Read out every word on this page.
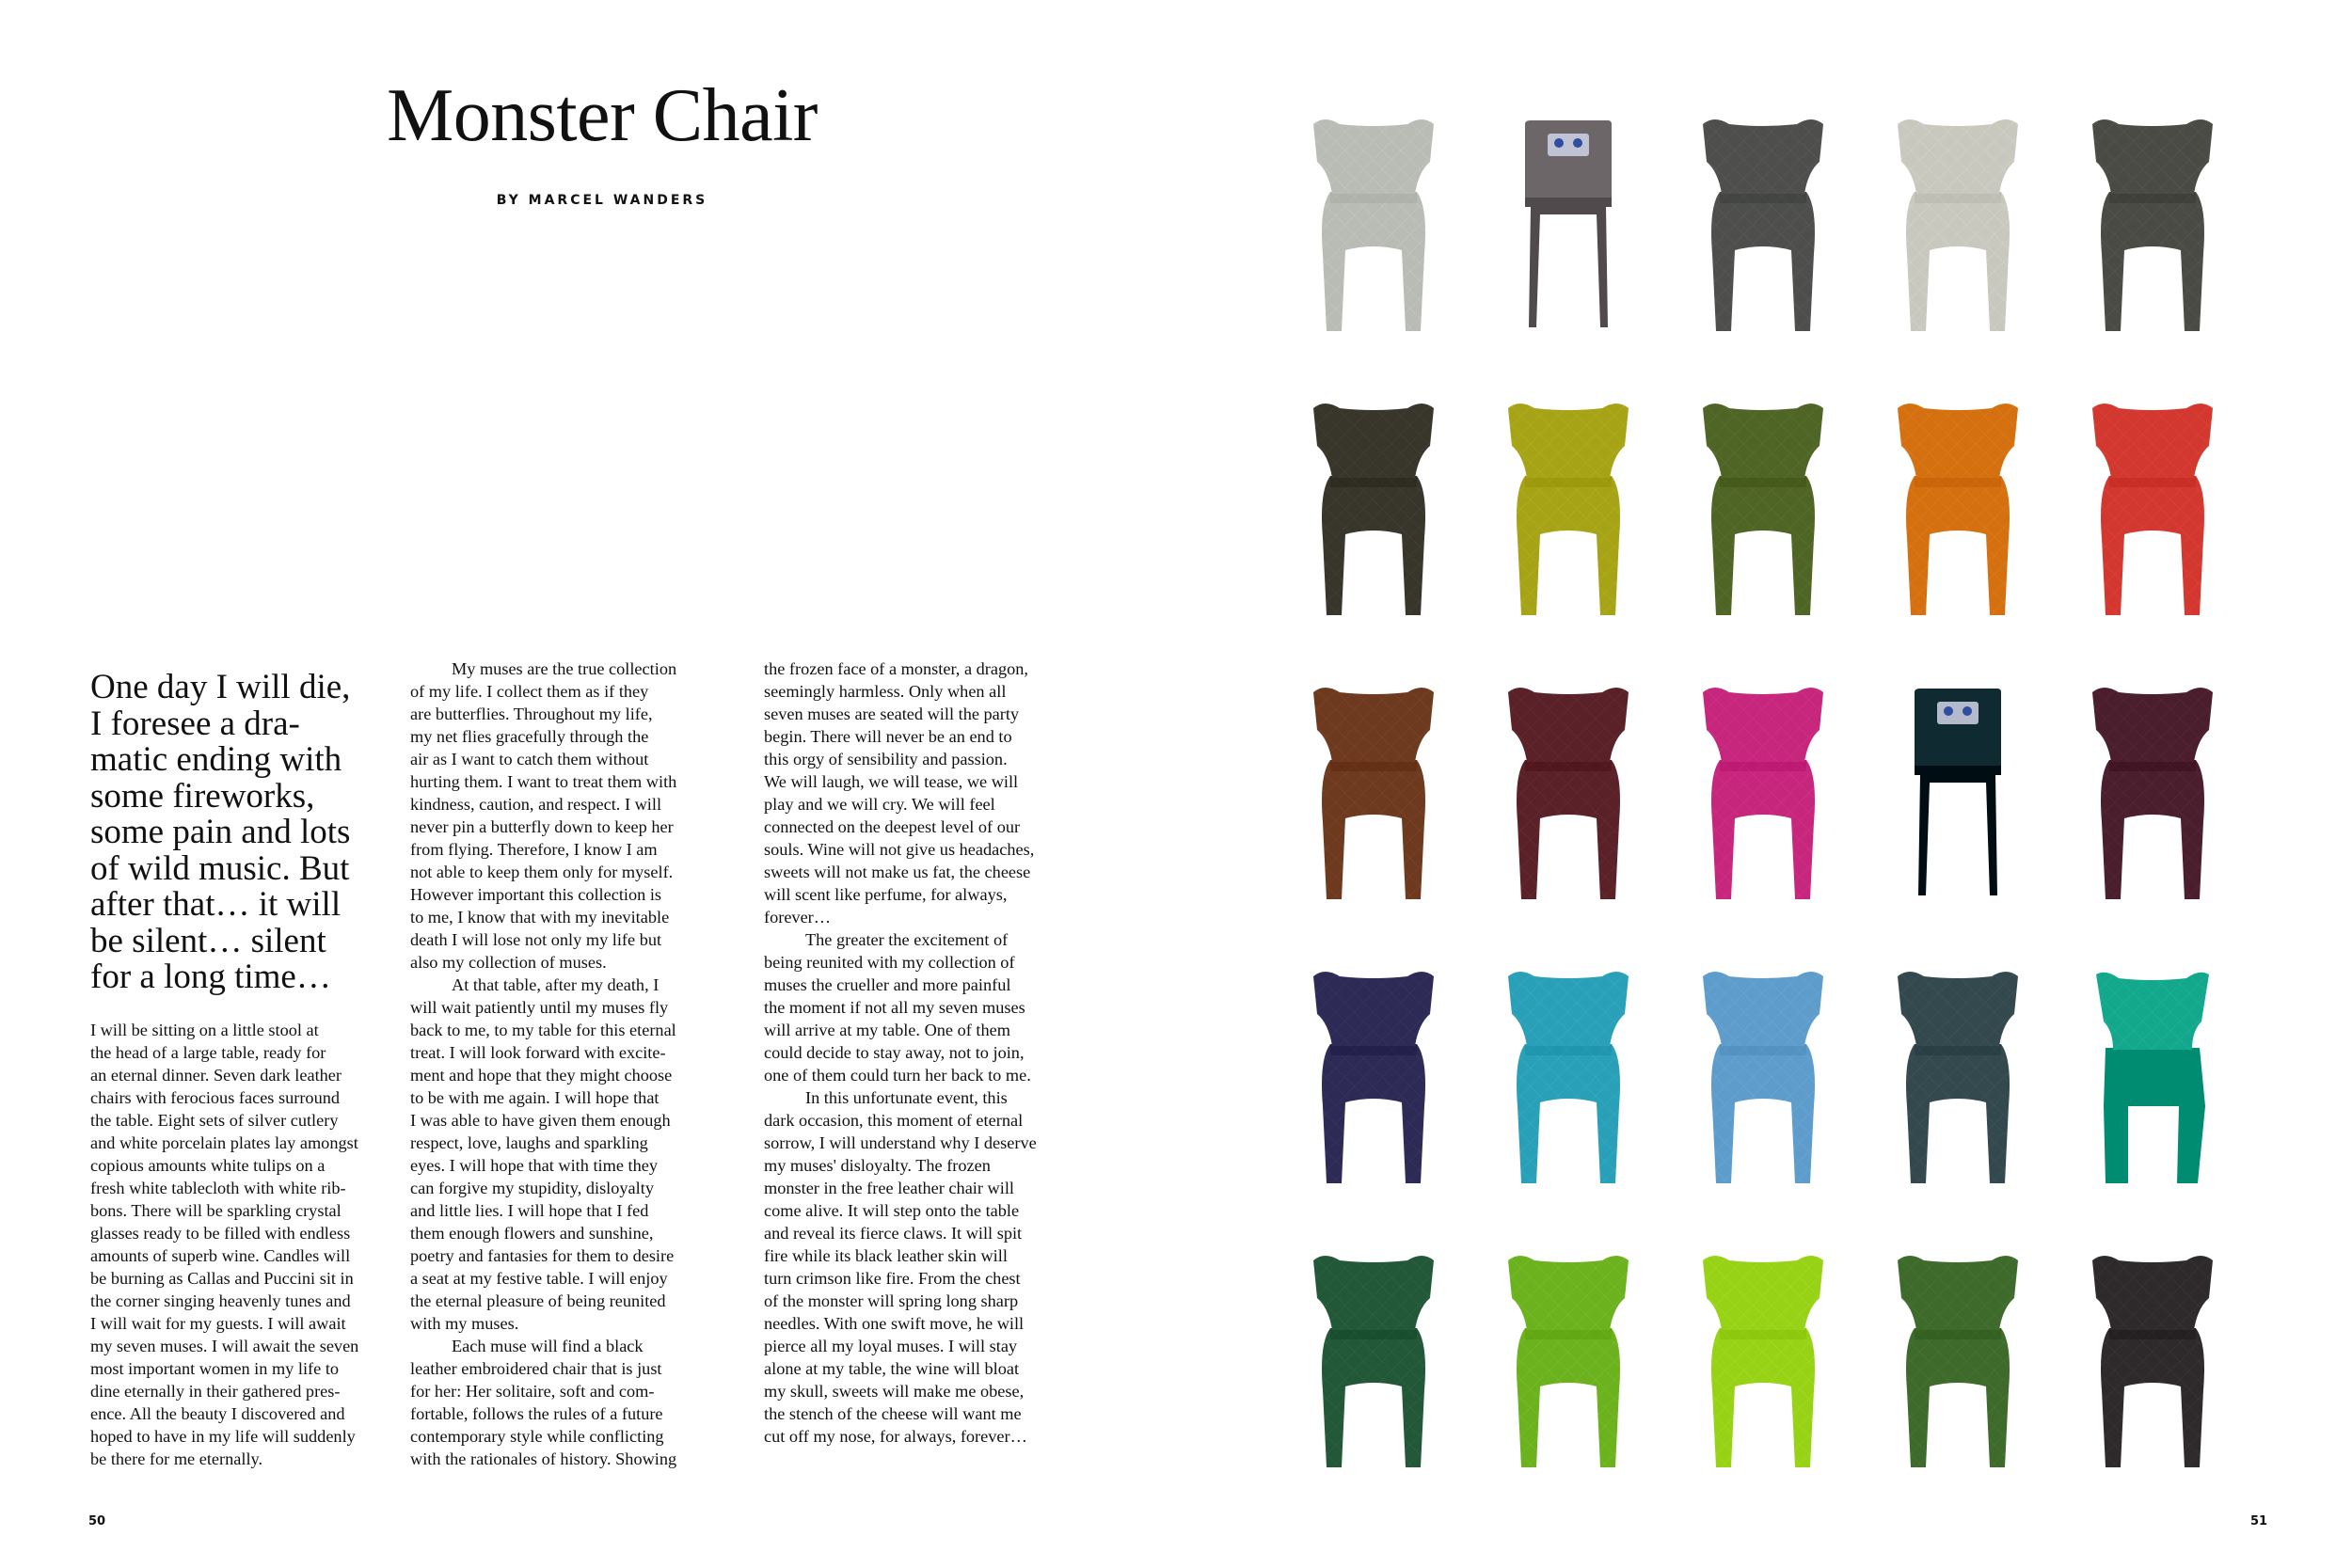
Monster Chair
BY MARCEL WANDERS
One day I will die,
I foresee a dra-
matic ending with
some fireworks,
some pain and lots
of wild music. But
after that… it will
be silent… silent
for a long time…
I will be sitting on a little stool at
the head of a large table, ready for
an eternal dinner. Seven dark leather
chairs with ferocious faces surround
the table. Eight sets of silver cutlery
and white porcelain plates lay amongst
copious amounts white tulips on a
fresh white tablecloth with white rib-
bons. There will be sparkling crystal
glasses ready to be filled with endless
amounts of superb wine. Candles will
be burning as Callas and Puccini sit in
the corner singing heavenly tunes and
I will wait for my guests. I will await
my seven muses. I will await the seven
most important women in my life to
dine eternally in their gathered pres-
ence. All the beauty I discovered and
hoped to have in my life will suddenly
be there for me eternally.
My muses are the true collection
of my life. I collect them as if they
are butterflies. Throughout my life,
my net flies gracefully through the
air as I want to catch them without
hurting them. I want to treat them with
kindness, caution, and respect. I will
never pin a butterfly down to keep her
from flying. Therefore, I know I am
not able to keep them only for myself.
However important this collection is
to me, I know that with my inevitable
death I will lose not only my life but
also my collection of muses.
At that table, after my death, I
will wait patiently until my muses fly
back to me, to my table for this eternal
treat. I will look forward with excite-
ment and hope that they might choose
to be with me again. I will hope that
I was able to have given them enough
respect, love, laughs and sparkling
eyes. I will hope that with time they
can forgive my stupidity, disloyalty
and little lies. I will hope that I fed
them enough flowers and sunshine,
poetry and fantasies for them to desire
a seat at my festive table. I will enjoy
the eternal pleasure of being reunited
with my muses.
Each muse will find a black
leather embroidered chair that is just
for her: Her solitaire, soft and com-
fortable, follows the rules of a future
contemporary style while conflicting
with the rationales of history. Showing
the frozen face of a monster, a dragon,
seemingly harmless. Only when all
seven muses are seated will the party
begin. There will never be an end to
this orgy of sensibility and passion.
We will laugh, we will tease, we will
play and we will cry. We will feel
connected on the deepest level of our
souls. Wine will not give us headaches,
sweets will not make us fat, the cheese
will scent like perfume, for always,
forever…
The greater the excitement of
being reunited with my collection of
muses the crueller and more painful
the moment if not all my seven muses
will arrive at my table. One of them
could decide to stay away, not to join,
one of them could turn her back to me.
In this unfortunate event, this
dark occasion, this moment of eternal
sorrow, I will understand why I deserve
my muses' disloyalty. The frozen
monster in the free leather chair will
come alive. It will step onto the table
and reveal its fierce claws. It will spit
fire while its black leather skin will
turn crimson like fire. From the chest
of the monster will spring long sharp
needles. With one swift move, he will
pierce all my loyal muses. I will stay
alone at my table, the wine will bloat
my skull, sweets will make me obese,
the stench of the cheese will want me
cut off my nose, for always, forever…
50	51
